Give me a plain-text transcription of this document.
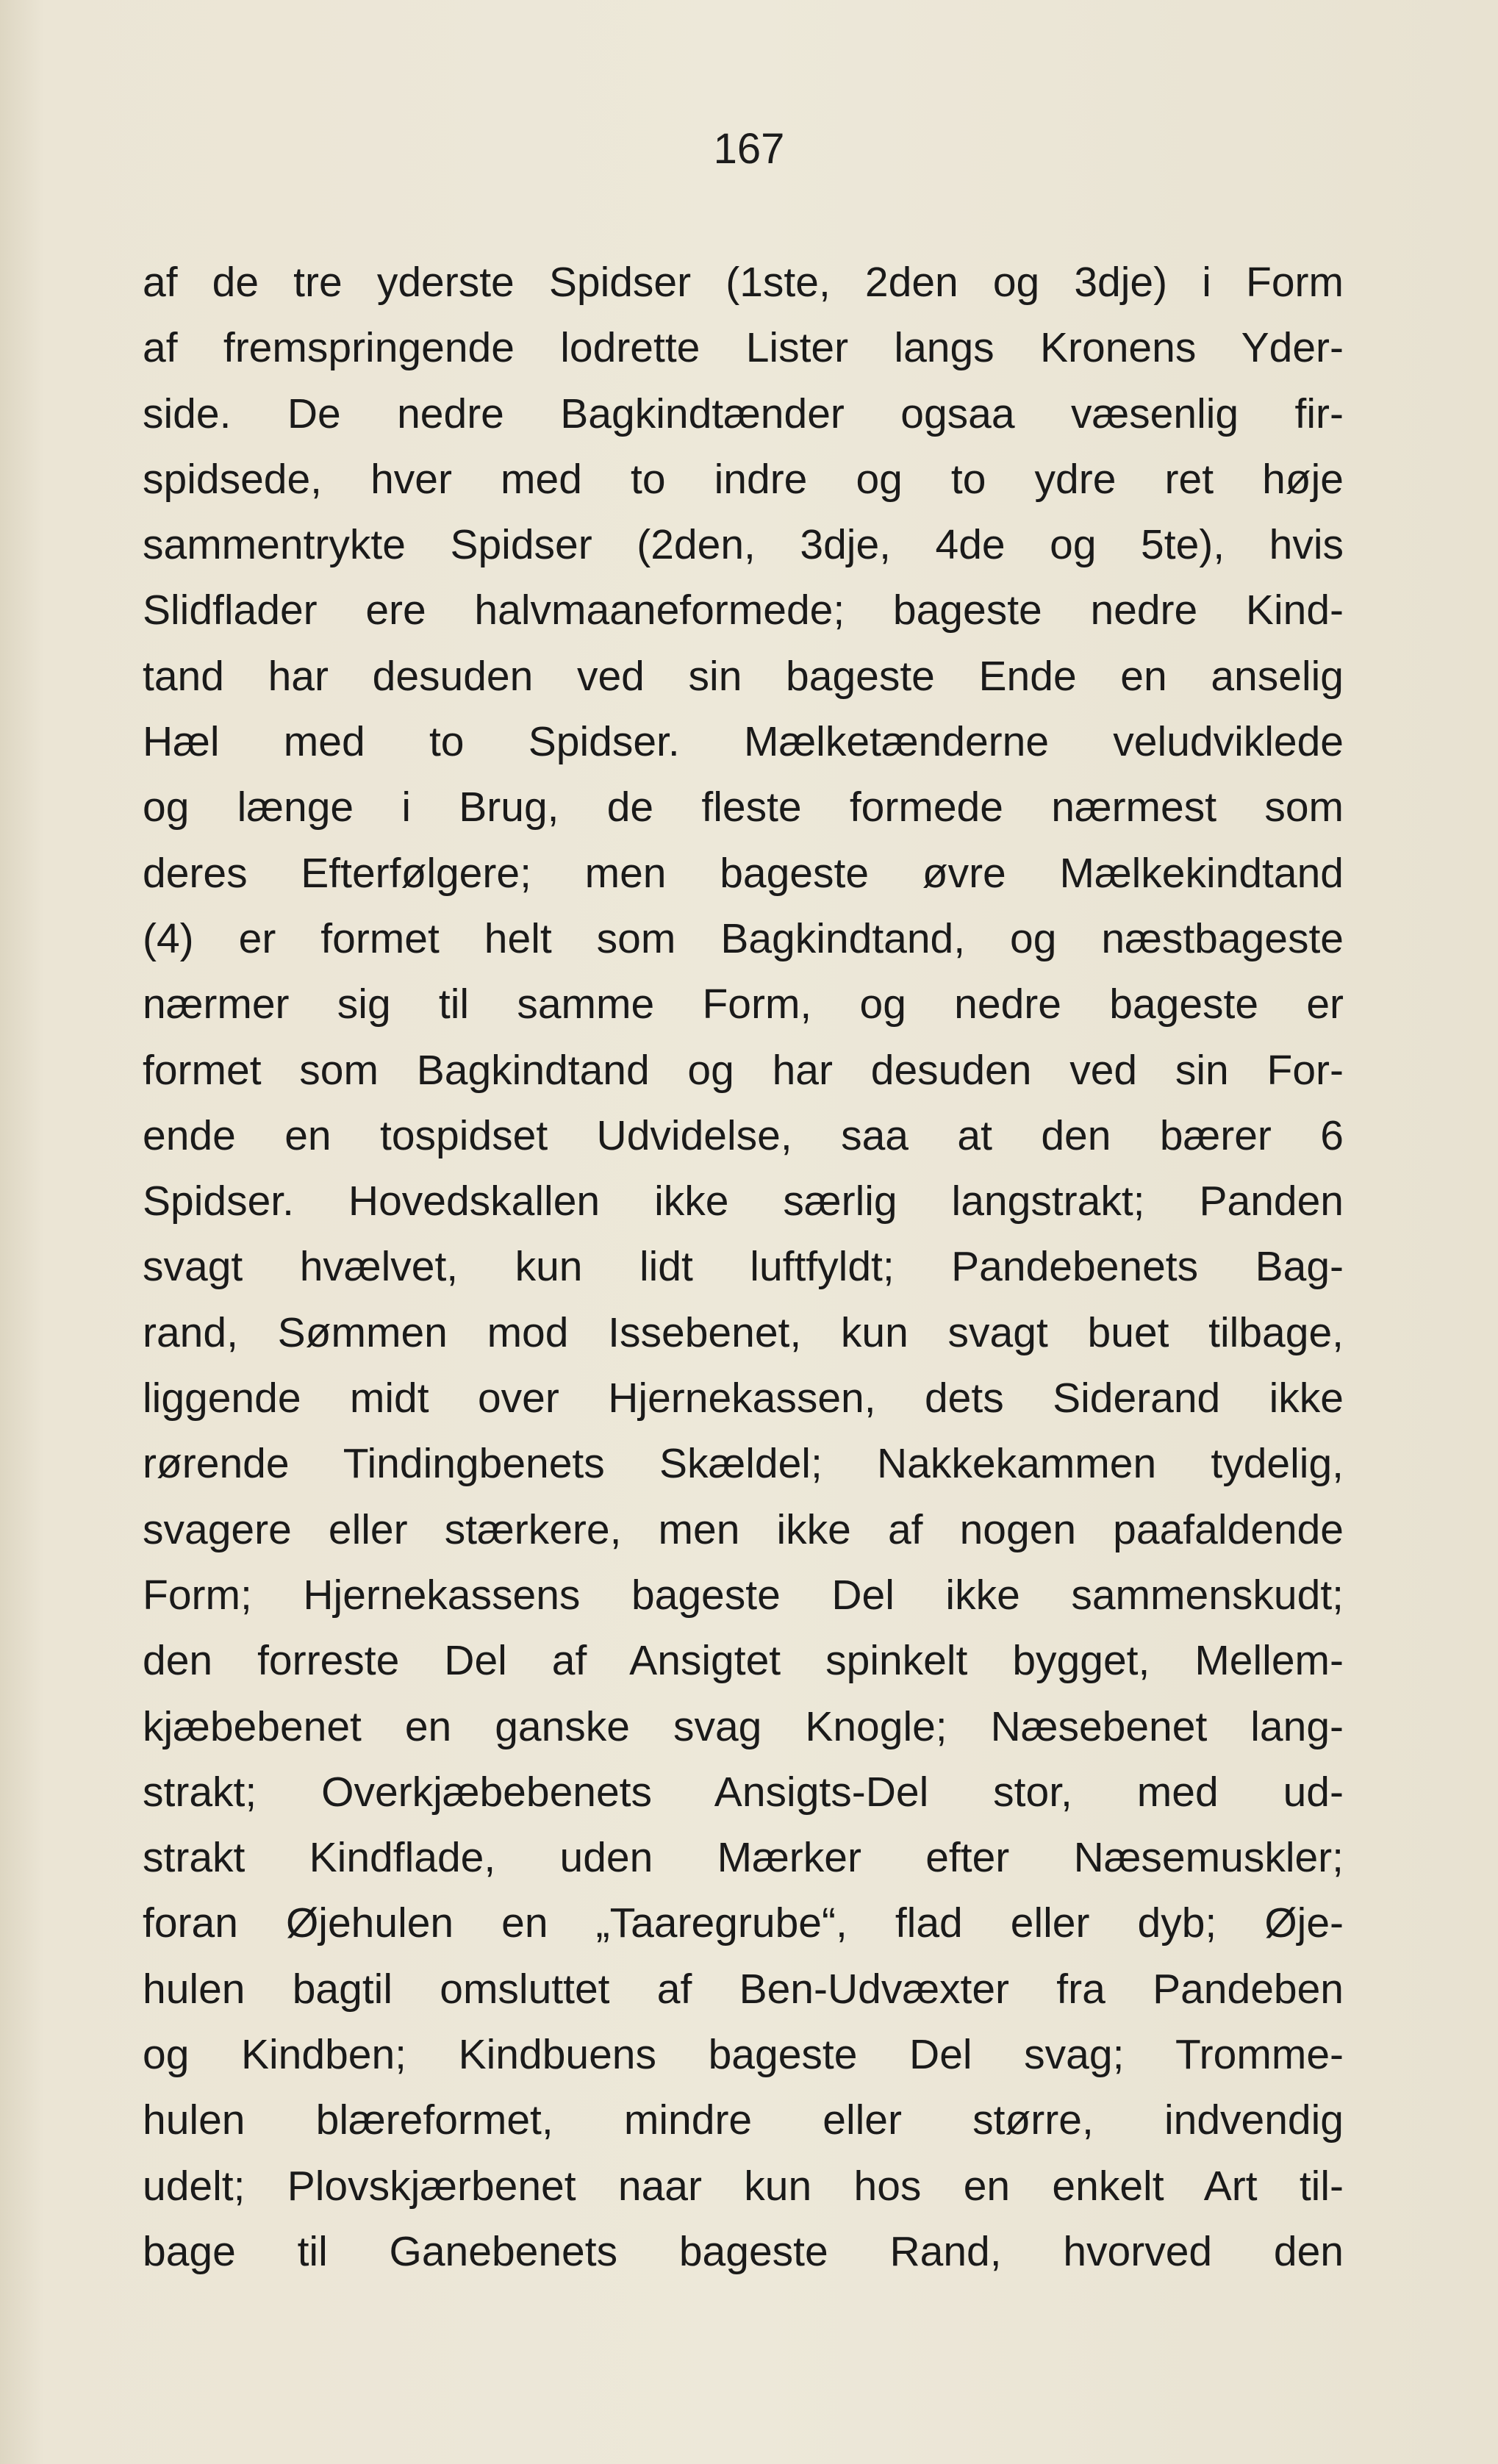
167
af de tre yderste Spidser (1ste, 2den og 3dje) i Form
af fremspringende lodrette Lister langs Kronens Yder-
side. De nedre Bagkindtænder ogsaa væsenlig fir-
spidsede, hver med to indre og to ydre ret høje
sammentrykte Spidser (2den, 3dje, 4de og 5te), hvis
Slidflader ere halvmaaneformede; bageste nedre Kind-
tand har desuden ved sin bageste Ende en anselig
Hæl med to Spidser. Mælketænderne veludviklede
og længe i Brug, de fleste formede nærmest som
deres Efterfølgere; men bageste øvre Mælkekindtand
(4) er formet helt som Bagkindtand, og næstbageste
nærmer sig til samme Form, og nedre bageste er
formet som Bagkindtand og har desuden ved sin For-
ende en tospidset Udvidelse, saa at den bærer 6
Spidser. Hovedskallen ikke særlig langstrakt; Panden
svagt hvælvet, kun lidt luftfyldt; Pandebenets Bag-
rand, Sømmen mod Issebenet, kun svagt buet tilbage,
liggende midt over Hjernekassen, dets Siderand ikke
rørende Tindingbenets Skældel; Nakkekammen tydelig,
svagere eller stærkere, men ikke af nogen paafaldende
Form; Hjernekassens bageste Del ikke sammenskudt;
den forreste Del af Ansigtet spinkelt bygget, Mellem-
kjæbebenet en ganske svag Knogle; Næsebenet lang-
strakt; Overkjæbebenets Ansigts-Del stor, med ud-
strakt Kindflade, uden Mærker efter Næsemuskler;
foran Øjehulen en „Taaregrube“, flad eller dyb; Øje-
hulen bagtil omsluttet af Ben-Udvæxter fra Pandeben
og Kindben; Kindbuens bageste Del svag; Tromme-
hulen blæreformet, mindre eller større, indvendig
udelt; Plovskjærbenet naar kun hos en enkelt Art til-
bage til Ganebenets bageste Rand, hvorved den
